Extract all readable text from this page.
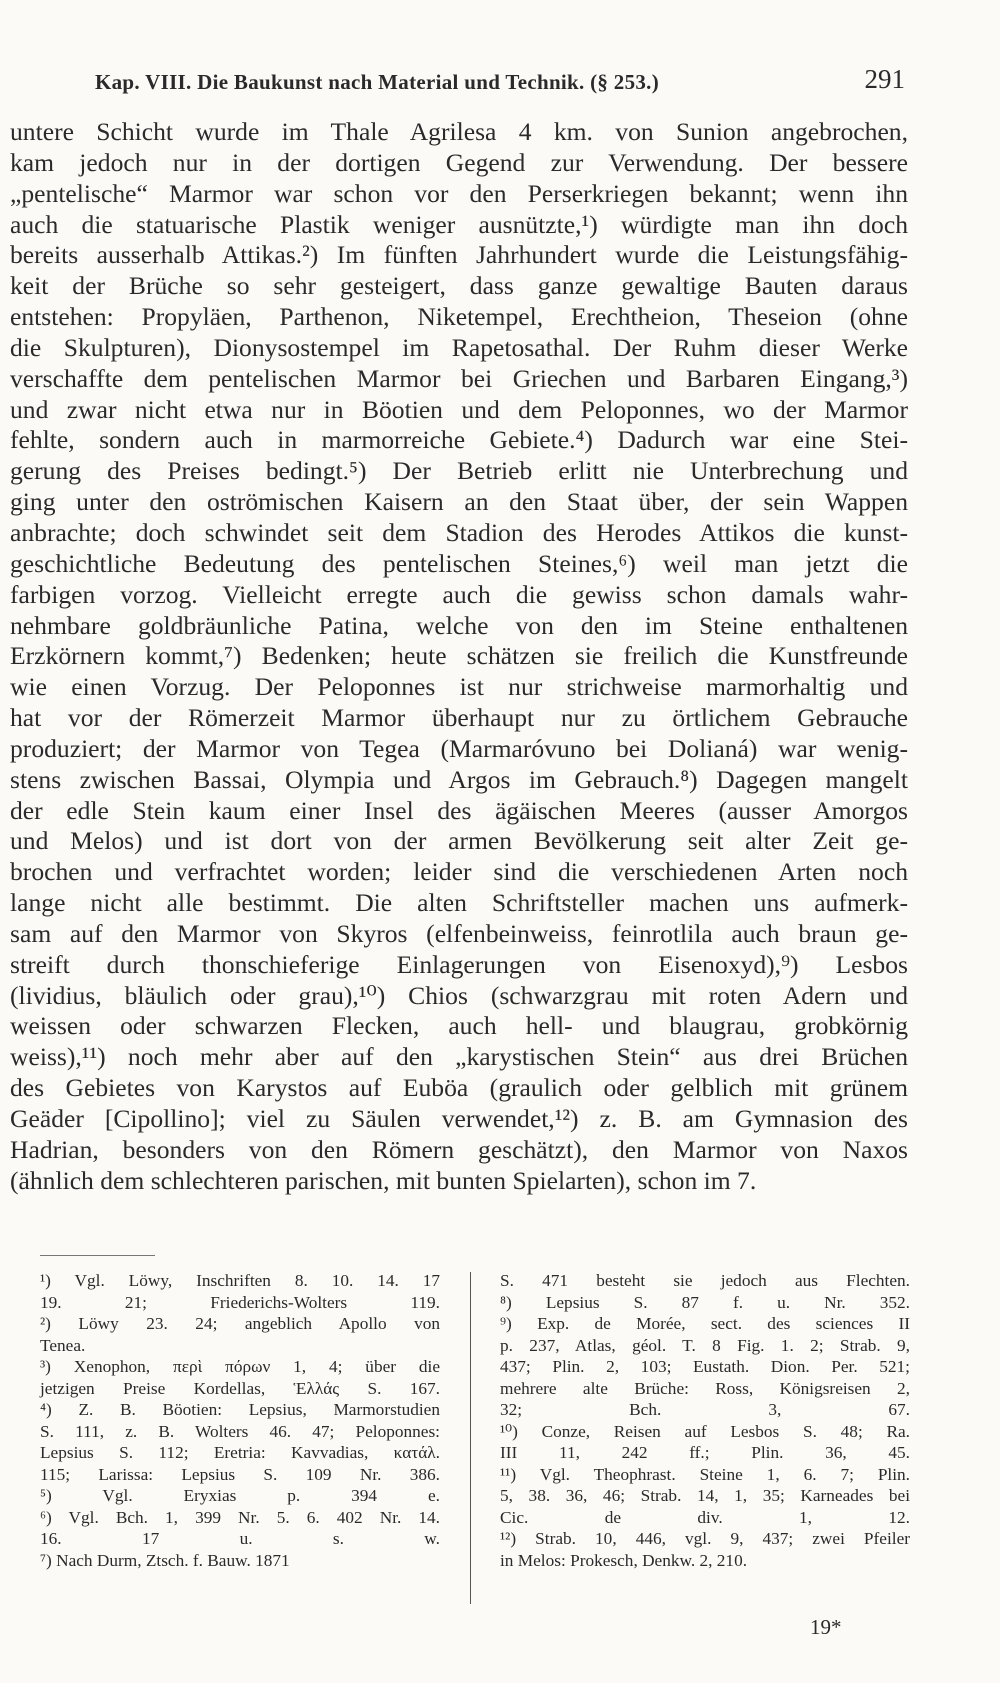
Kap. VIII. Die Baukunst nach Material und Technik. (§ 253.)	291
untere Schicht wurde im Thale Agrilesa 4 km. von Sunion angebrochen,
kam jedoch nur in der dortigen Gegend zur Verwendung. Der bessere
„pentelische“ Marmor war schon vor den Perserkriegen bekannt; wenn ihn
auch die statuarische Plastik weniger ausnützte,¹) würdigte man ihn doch
bereits ausserhalb Attikas.²) Im fünften Jahrhundert wurde die Leistungsfähig-
keit der Brüche so sehr gesteigert, dass ganze gewaltige Bauten daraus
entstehen: Propyläen, Parthenon, Niketempel, Erechtheion, Theseion (ohne
die Skulpturen), Dionysostempel im Rapetosathal. Der Ruhm dieser Werke
verschaffte dem pentelischen Marmor bei Griechen und Barbaren Eingang,³)
und zwar nicht etwa nur in Böotien und dem Peloponnes, wo der Marmor
fehlte, sondern auch in marmorreiche Gebiete.⁴) Dadurch war eine Stei-
gerung des Preises bedingt.⁵) Der Betrieb erlitt nie Unterbrechung und
ging unter den oströmischen Kaisern an den Staat über, der sein Wappen
anbrachte; doch schwindet seit dem Stadion des Herodes Attikos die kunst-
geschichtliche Bedeutung des pentelischen Steines,⁶) weil man jetzt die
farbigen vorzog. Vielleicht erregte auch die gewiss schon damals wahr-
nehmbare goldbräunliche Patina, welche von den im Steine enthaltenen
Erzkörnern kommt,⁷) Bedenken; heute schätzen sie freilich die Kunstfreunde
wie einen Vorzug. Der Peloponnes ist nur strichweise marmorhaltig und
hat vor der Römerzeit Marmor überhaupt nur zu örtlichem Gebrauche
produziert; der Marmor von Tegea (Marmaróvuno bei Dolianá) war wenig-
stens zwischen Bassai, Olympia und Argos im Gebrauch.⁸) Dagegen mangelt
der edle Stein kaum einer Insel des ägäischen Meeres (ausser Amorgos
und Melos) und ist dort von der armen Bevölkerung seit alter Zeit ge-
brochen und verfrachtet worden; leider sind die verschiedenen Arten noch
lange nicht alle bestimmt. Die alten Schriftsteller machen uns aufmerk-
sam auf den Marmor von Skyros (elfenbeinweiss, feinrotlila auch braun ge-
streift durch thonschieferige Einlagerungen von Eisenoxyd),⁹) Lesbos
(lividius, bläulich oder grau),¹⁰) Chios (schwarzgrau mit roten Adern und
weissen oder schwarzen Flecken, auch hell- und blaugrau, grobkörnig
weiss),¹¹) noch mehr aber auf den „karystischen Stein“ aus drei Brüchen
des Gebietes von Karystos auf Euböa (graulich oder gelblich mit grünem
Geäder [Cipollino]; viel zu Säulen verwendet,¹²) z. B. am Gymnasion des
Hadrian, besonders von den Römern geschätzt), den Marmor von Naxos
(ähnlich dem schlechteren parischen, mit bunten Spielarten), schon im 7.
¹) Vgl. Löwy, Inschriften 8. 10. 14. 17
19. 21; Friederichs-Wolters 119.
²) Löwy 23. 24; angeblich Apollo von
Tenea.
³) Xenophon, περὶ πόρων 1, 4; über die
jetzigen Preise Kordellas, Ἑλλάς S. 167.
⁴) Z. B. Böotien: Lepsius, Marmorstudien
S. 111, z. B. Wolters 46. 47; Peloponnes:
Lepsius S. 112; Eretria: Kavvadias, κατάλ.
115; Larissa: Lepsius S. 109 Nr. 386.
⁵) Vgl. Eryxias p. 394 e.
⁶) Vgl. Bch. 1, 399 Nr. 5. 6. 402 Nr. 14.
16. 17 u. s. w.
⁷) Nach Durm, Ztsch. f. Bauw. 1871
S. 471 besteht sie jedoch aus Flechten.
⁸) Lepsius S. 87 f. u. Nr. 352.
⁹) Exp. de Morée, sect. des sciences II
p. 237, Atlas, géol. T. 8 Fig. 1. 2; Strab. 9,
437; Plin. 2, 103; Eustath. Dion. Per. 521;
mehrere alte Brüche: Ross, Königsreisen 2,
32; Bch. 3, 67.
¹⁰) Conze, Reisen auf Lesbos S. 48; Ra.
III 11, 242 ff.; Plin. 36, 45.
¹¹) Vgl. Theophrast. Steine 1, 6. 7; Plin.
5, 38. 36, 46; Strab. 14, 1, 35; Karneades bei
Cic. de div. 1, 12.
¹²) Strab. 10, 446, vgl. 9, 437; zwei Pfeiler
in Melos: Prokesch, Denkw. 2, 210.
19*
